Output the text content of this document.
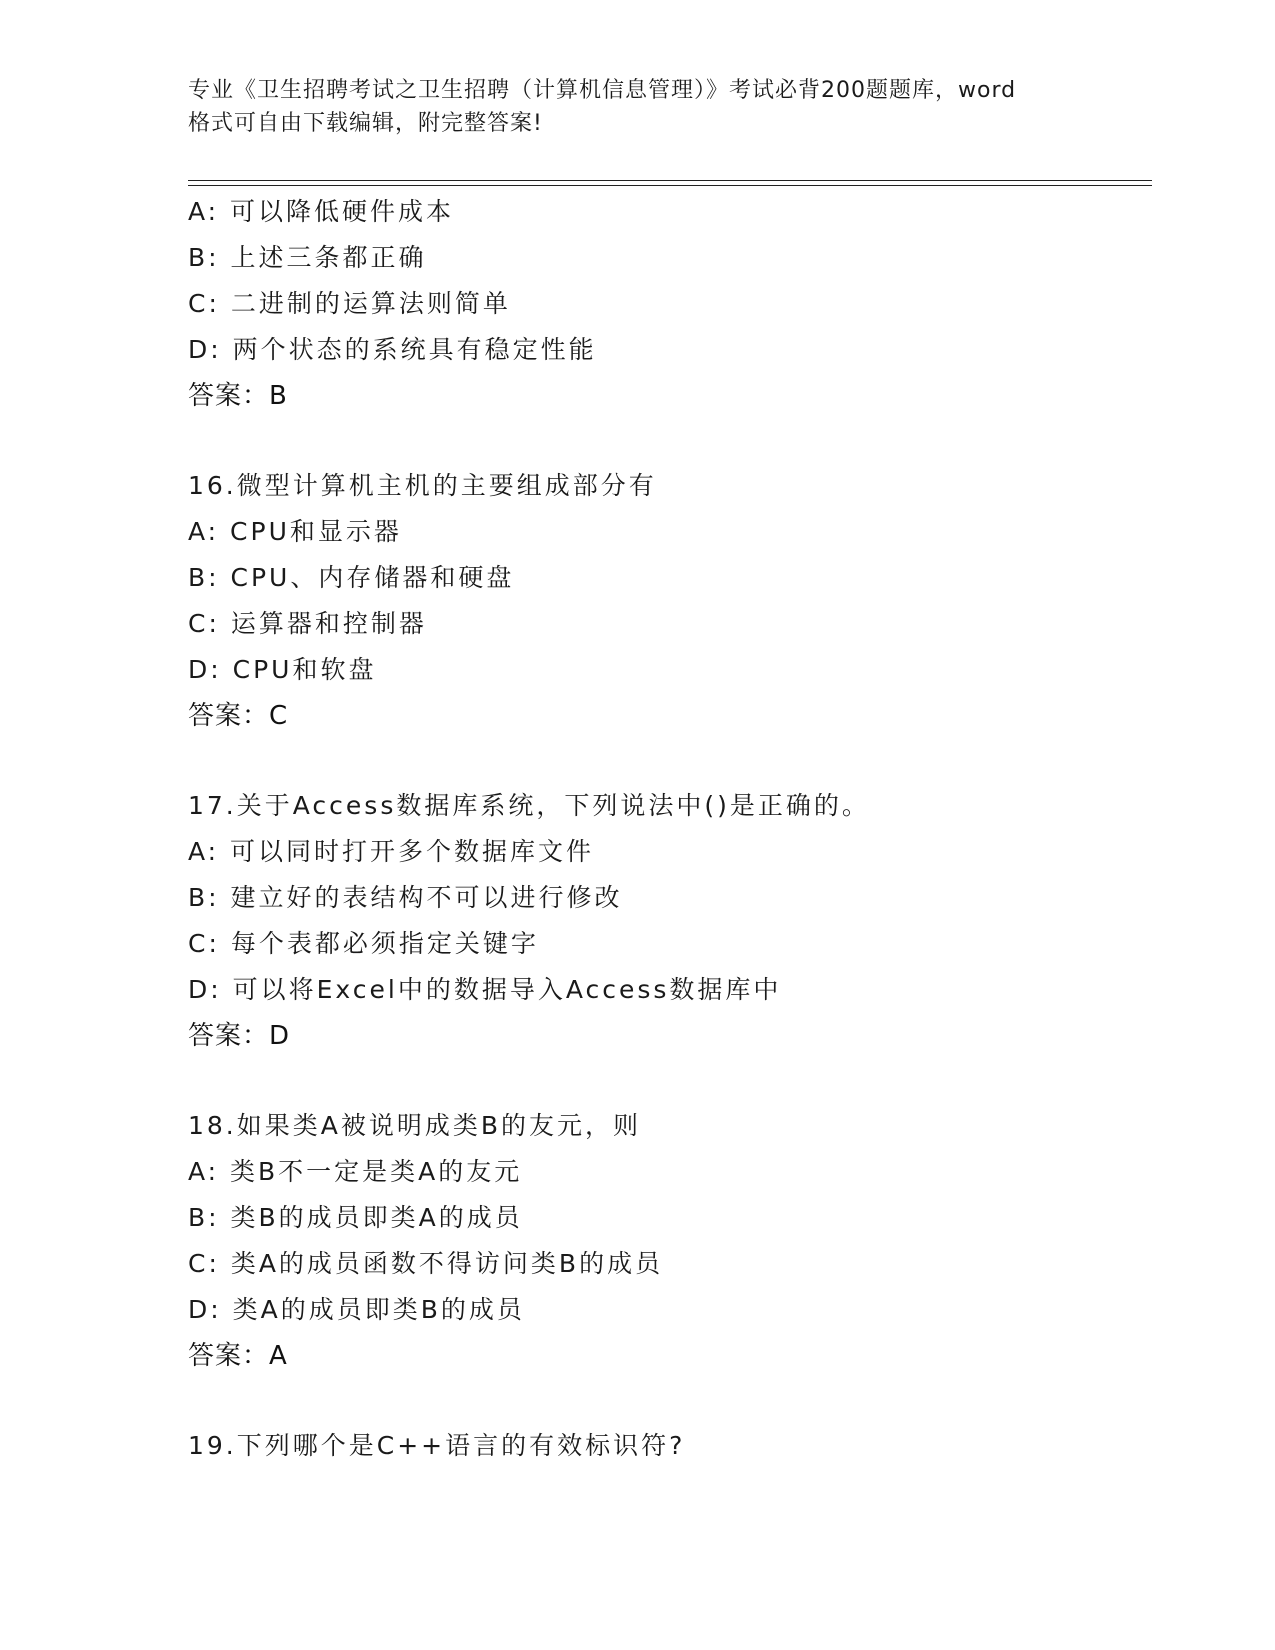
专业《卫生招聘考试之卫生招聘（计算机信息管理）》考试必背200题题库，word
格式可自由下载编辑，附完整答案!
A: 可以降低硬件成本
B: 上述三条都正确
C: 二进制的运算法则简单
D: 两个状态的系统具有稳定性能
答案：B
16.微型计算机主机的主要组成部分有
A: CPU和显示器
B: CPU、内存储器和硬盘
C: 运算器和控制器
D: CPU和软盘
答案：C
17.关于Access数据库系统，下列说法中()是正确的。
A: 可以同时打开多个数据库文件
B: 建立好的表结构不可以进行修改
C: 每个表都必须指定关键字
D: 可以将Excel中的数据导入Access数据库中
答案：D
18.如果类A被说明成类B的友元，则
A: 类B不一定是类A的友元
B: 类B的成员即类A的成员
C: 类A的成员函数不得访问类B的成员
D: 类A的成员即类B的成员
答案：A
19.下列哪个是C++语言的有效标识符?
